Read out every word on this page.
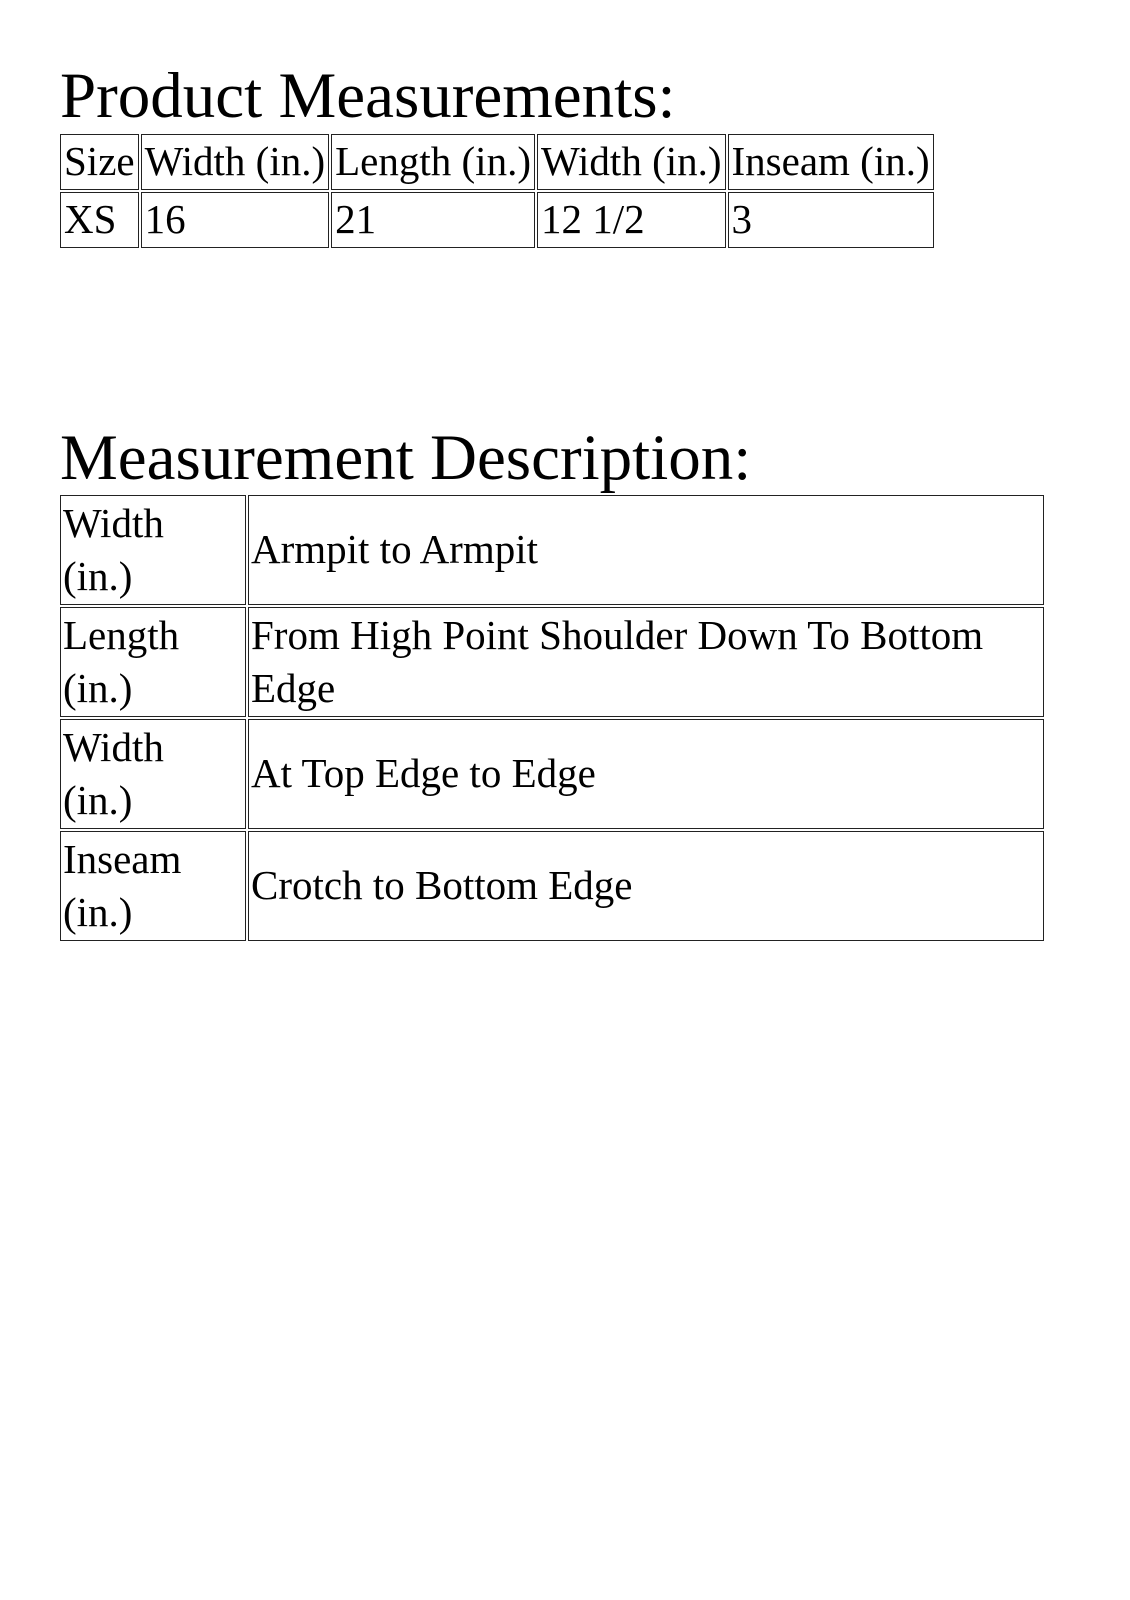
Product Measurements:
Size	Width (in.)	Length (in.)	Width (in.)	Inseam (in.)
XS	16	21	12 1/2	3
Measurement Description:
Width (in.)	Armpit to Armpit
Length (in.)	From High Point Shoulder Down To Bottom Edge
Width (in.)	At Top Edge to Edge
Inseam (in.)	Crotch to Bottom Edge
